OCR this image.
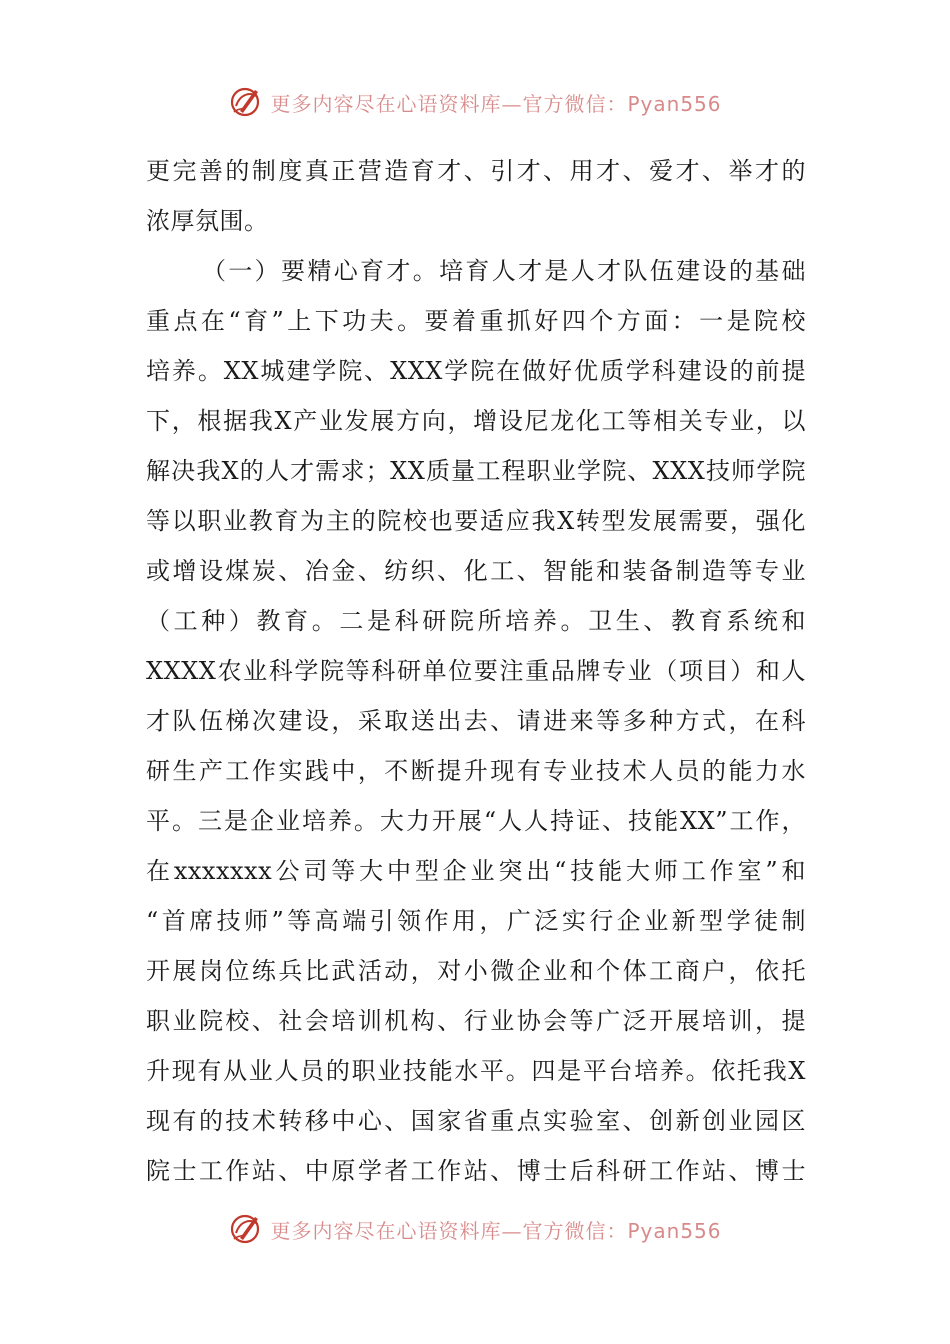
更多内容尽在心语资料库—官方微信：Pyan556
更完善的制度真正营造育才、引才、用才、爱才、举才的
浓厚氛围。
（一）要精心育才。培育人才是人才队伍建设的基础
重点在“育”上下功夫。要着重抓好四个方面：一是院校
培养。XX城建学院、XXX学院在做好优质学科建设的前提
下，根据我X产业发展方向，增设尼龙化工等相关专业，以
解决我X的人才需求；XX质量工程职业学院、XXX技师学院
等以职业教育为主的院校也要适应我X转型发展需要，强化
或增设煤炭、冶金、纺织、化工、智能和装备制造等专业
（工种）教育。二是科研院所培养。卫生、教育系统和
XXXX农业科学院等科研单位要注重品牌专业（项目）和人
才队伍梯次建设，采取送出去、请进来等多种方式，在科
研生产工作实践中，不断提升现有专业技术人员的能力水
平。三是企业培养。大力开展“人人持证、技能XX”工作，
在xxxxxxx公司等大中型企业突出“技能大师工作室”和
“首席技师”等高端引领作用，广泛实行企业新型学徒制
开展岗位练兵比武活动，对小微企业和个体工商户，依托
职业院校、社会培训机构、行业协会等广泛开展培训，提
升现有从业人员的职业技能水平。四是平台培养。依托我X
现有的技术转移中心、国家省重点实验室、创新创业园区
院士工作站、中原学者工作站、博士后科研工作站、博士
更多内容尽在心语资料库—官方微信：Pyan556
